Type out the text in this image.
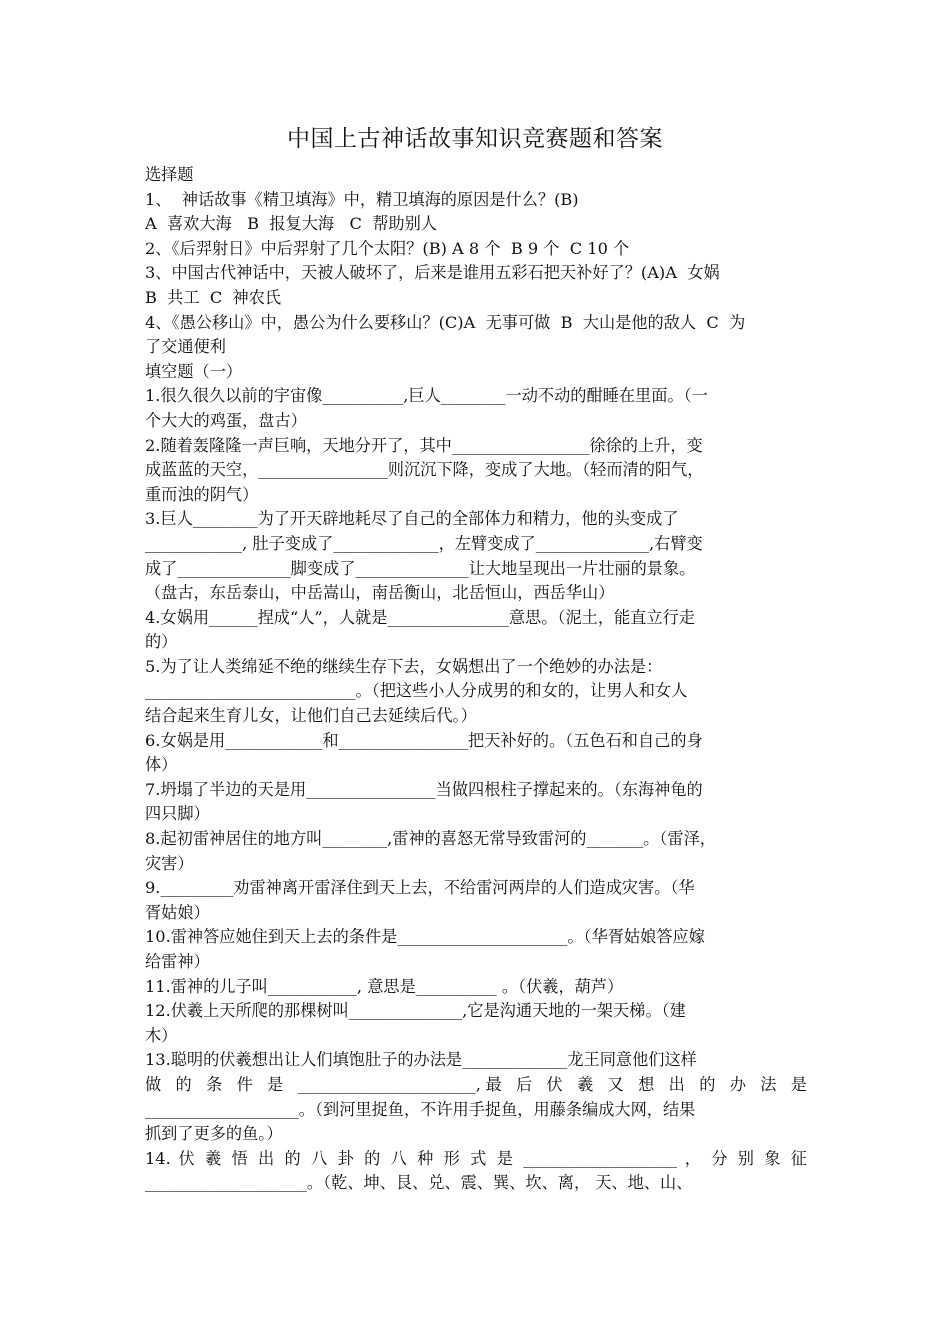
中国上古神话故事知识竞赛题和答案
选择题
1、  神话故事《精卫填海》中，精卫填海的原因是什么？(B)
A  喜欢大海   B  报复大海   C  帮助别人
2、《后羿射日》中后羿射了几个太阳？(B) A 8 个  B 9 个  C 10 个
3、中国古代神话中，天被人破坏了，后来是谁用五彩石把天补好了？(A)A  女娲
B  共工  C  神农氏
4、《愚公移山》中，愚公为什么要移山？(C)A  无事可做  B  大山是他的敌人  C  为
了交通便利
填空题（一）
1.很久很久以前的宇宙像__________,巨人________一动不动的酣睡在里面。（一
个大大的鸡蛋，盘古）
2.随着轰隆隆一声巨响，天地分开了，其中_________________徐徐的上升，变
成蓝蓝的天空，________________则沉沉下降，变成了大地。（轻而清的阳气，
重而浊的阴气）
3.巨人________为了开天辟地耗尽了自己的全部体力和精力，他的头变成了
____________, 肚子变成了_____________，左臂变成了______________,右臂变
成了______________脚变成了______________让大地呈现出一片壮丽的景象。
（盘古，东岳泰山，中岳嵩山，南岳衡山，北岳恒山，西岳华山）
4.女娲用______捏成“人”，人就是_______________意思。（泥土，能直立行走
的）
5.为了让人类绵延不绝的继续生存下去，女娲想出了一个绝妙的办法是：
__________________________。（把这些小人分成男的和女的，让男人和女人
结合起来生育儿女，让他们自己去延续后代。）
6.女娲是用____________和________________把天补好的。（五色石和自己的身
体）
7.坍塌了半边的天是用________________当做四根柱子撑起来的。（东海神龟的
四只脚）
8.起初雷神居住的地方叫________,雷神的喜怒无常导致雷河的_______。（雷泽，
灾害）
9._________劝雷神离开雷泽住到天上去，不给雷河两岸的人们造成灾害。（华
胥姑娘）
10.雷神答应她住到天上去的条件是_____________________。（华胥姑娘答应嫁
给雷神）
11.雷神的儿子叫___________, 意思是__________ 。（伏羲，葫芦）
12.伏羲上天所爬的那棵树叫______________,它是沟通天地的一架天梯。（建
木）
13.聪明的伏羲想出让人们填饱肚子的办法是_____________龙王同意他们这样
做 的 条 件 是 ______________________,最 后 伏 羲 又 想 出 的 办 法 是
___________________。（到河里捉鱼，不许用手捉鱼，用藤条编成大网，结果
抓到了更多的鱼。）
14. 伏 羲 悟 出 的 八 卦 的 八 种 形 式 是 ___________________ ， 分 别 象 征
____________________。（乾、坤、艮、兑、震、巽、坎、离， 天、地、山、
